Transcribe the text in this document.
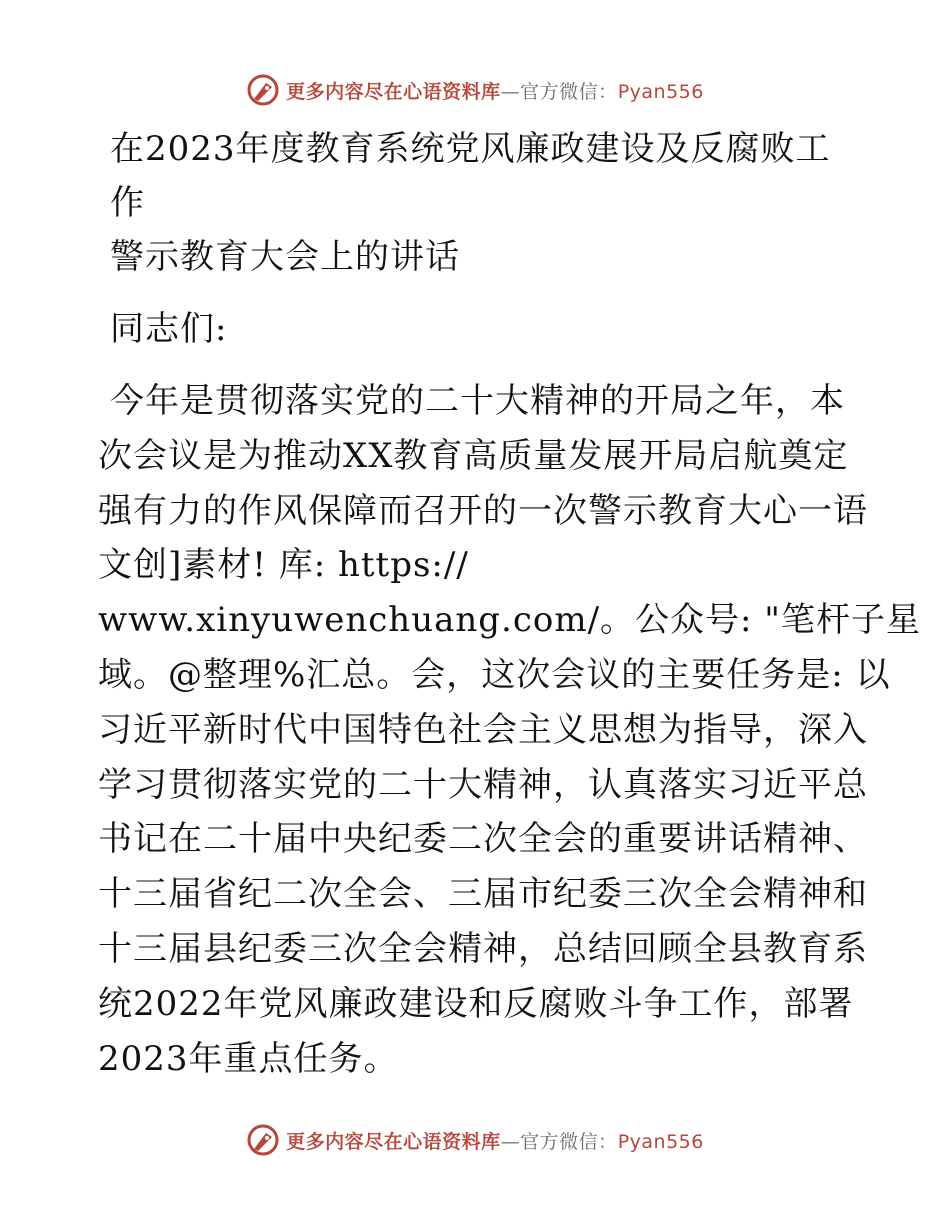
更多内容尽在心语资料库—官方微信：Pyan556
在2023年度教育系统党风廉政建设及反腐败工作
警示教育大会上的讲话

同志们:

今年是贯彻落实党的二十大精神的开局之年，本
次会议是为推动XX教育高质量发展开局启航奠定
强有力的作风保障而召开的一次警示教育大心一语
文创]素材! 库: https://
www.xinyuwenchuang.com/。公众号: "笔杆子星
域。@整理%汇总。会，这次会议的主要任务是: 以
习近平新时代中国特色社会主义思想为指导，深入
学习贯彻落实党的二十大精神，认真落实习近平总
书记在二十届中央纪委二次全会的重要讲话精神、
十三届省纪二次全会、三届市纪委三次全会精神和
十三届县纪委三次全会精神，总结回顾全县教育系
统2022年党风廉政建设和反腐败斗争工作，部署
2023年重点任务。

更多内容尽在心语资料库—官方微信：Pyan556
